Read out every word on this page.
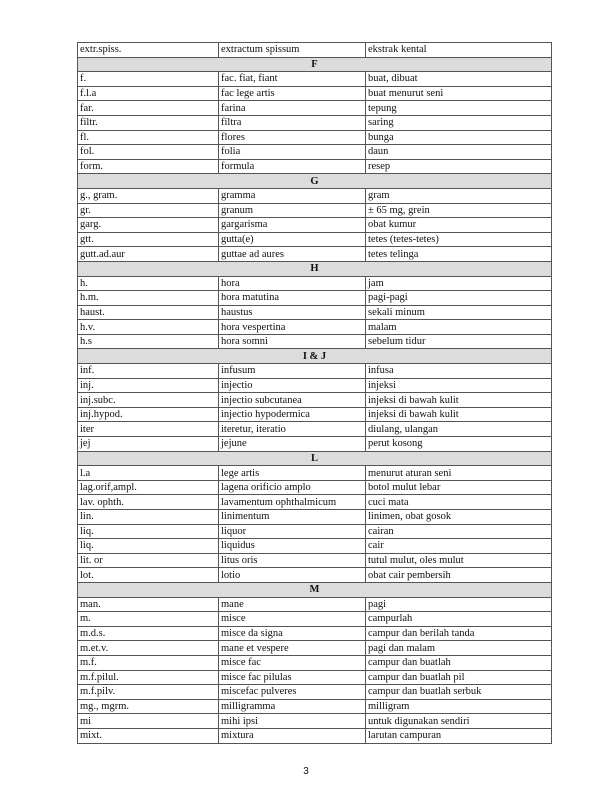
extr.spiss.	extractum spissum	ekstrak kental
F		
f.	fac. fiat, fiant	buat, dibuat
f.l.a	fac lege artis	buat menurut seni
far.	farina	tepung
filtr.	filtra	saring
fl.	flores	bunga
fol.	folia	daun
form.	formula	resep
G		
g., gram.	gramma	gram
gr.	granum	± 65 mg, grein
garg.	gargarisma	obat kumur
gtt.	gutta(e)	tetes (tetes-tetes)
gutt.ad.aur	guttae ad aures	tetes telinga
H		
h.	hora	jam
h.m.	hora matutina	pagi-pagi
haust.	haustus	sekali minum
h.v.	hora vespertina	malam
h.s	hora somni	sebelum tidur
I & J		
inf.	infusum	infusa
inj.	injectio	injeksi
inj.subc.	injectio subcutanea	injeksi di bawah kulit
inj.hypod.	injectio hypodermica	injeksi di bawah kulit
iter	iteretur, iteratio	diulang, ulangan
jej	jejune	perut kosong
L		
l.a	lege artis	menurut aturan seni
lag.orif,ampl.	lagena orificio amplo	botol mulut lebar
lav. ophth.	lavamentum ophthalmicum	cuci mata
lin.	linimentum	linimen, obat gosok
liq.	liquor	cairan
liq.	liquidus	cair
lit. or	litus oris	tutul mulut, oles mulut
lot.	lotio	obat cair pembersih
M		
man.	mane	pagi
m.	misce	campurlah
m.d.s.	misce da signa	campur dan berilah tanda
m.et.v.	mane et vespere	pagi dan malam
m.f.	misce fac	campur dan buatlah
m.f.pilul.	misce fac pilulas	campur dan buatlah pil
m.f.pilv.	miscefac pulveres	campur dan buatlah serbuk
mg., mgrm.	milligramma	milligram
mi	mihi ipsi	untuk digunakan sendiri
mixt.	mixtura	larutan campuran
3
